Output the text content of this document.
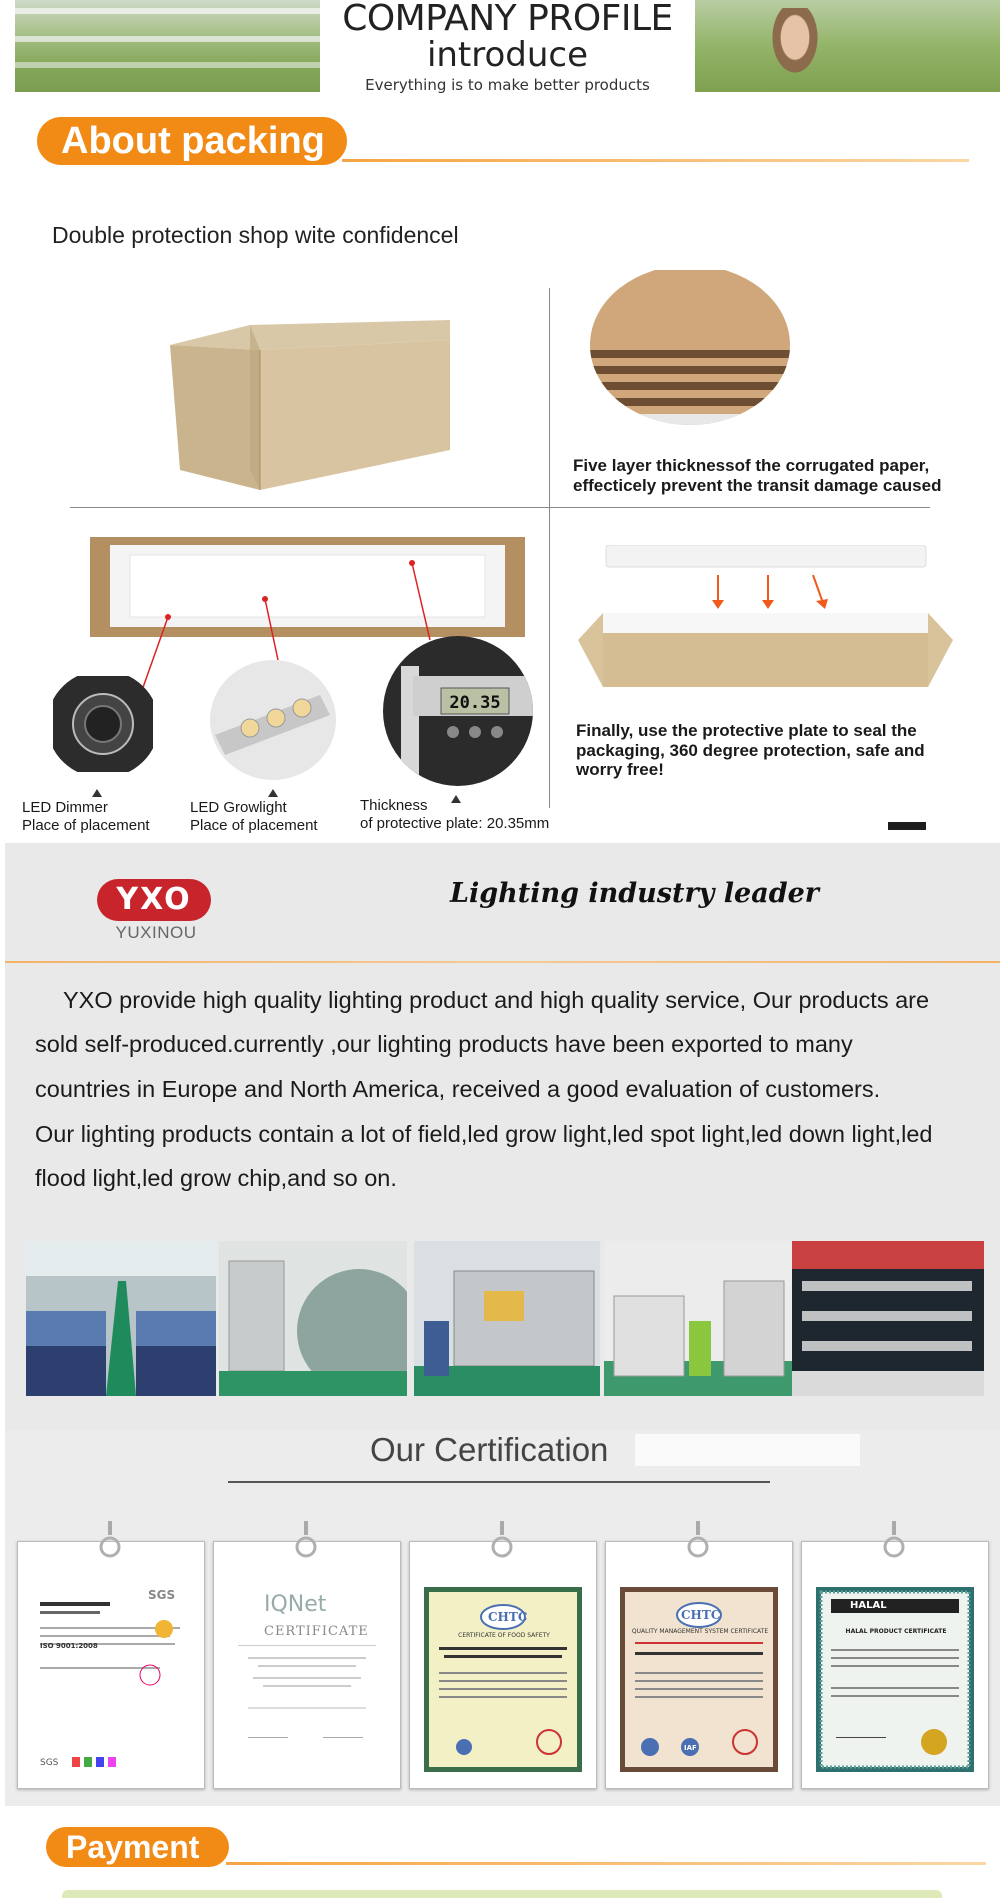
COMPANY PROFILE
introduce
Everything is to make better products
About packing
Double protection shop wite confidencel
Five layer thicknessof the corrugated paper,
effecticely prevent the transit damage caused
20.35
LED Dimmer
Place of placement
LED Growlight
Place of placement
Thickness
of protective plate: 20.35mm
Finally, use the protective plate to seal the
packaging, 360 degree protection, safe and
worry free!
YXO
YUXINOU
Lighting industry leader
YXO provide high quality lighting product and high quality service, Our products are
sold self-produced.currently ,our lighting products have been exported to many
countries in Europe and North America, received a good evaluation of customers.
Our lighting products contain a lot of field,led grow light,led spot light,led down light,led
flood light,led grow chip,and so on.
Our Certification
SGS
SGS
ISO 9001:2008
IQNet
CERTIFICATE
CHTC
CERTIFICATE OF FOOD SAFETY
CHTC
QUALITY MANAGEMENT SYSTEM CERTIFICATE
IAF
HALAL
HALAL PRODUCT CERTIFICATE
Payment
